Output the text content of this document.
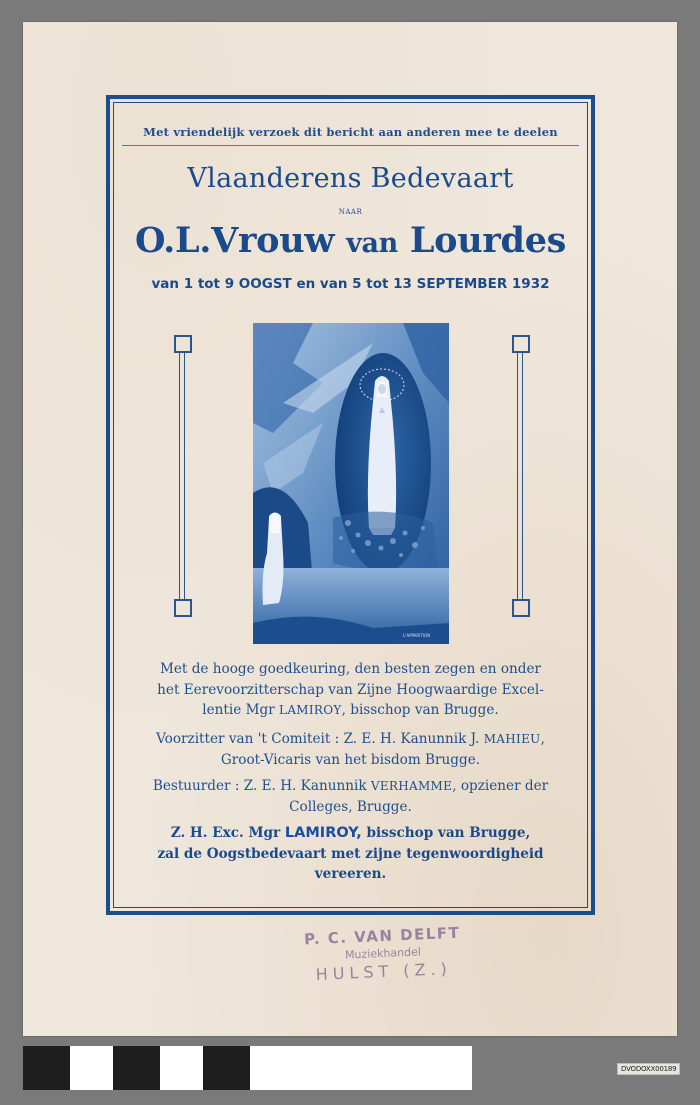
Met vriendelijk verzoek dit bericht aan anderen mee te deelen
Vlaanderens Bedevaart
NAAR
O.L.Vrouw van Lourdes
van 1 tot 9 OOGST en van 5 tot 13 SEPTEMBER 1932
L'APPARITION
Met de hooge goedkeuring, den besten zegen en onder
het Eerevoorzitterschap van Zijne Hoogwaardige Excel-
lentie Mgr LAMIROY, bisschop van Brugge.
Voorzitter van 't Comiteit : Z. E. H. Kanunnik J. MAHIEU,
Groot-Vicaris van het bisdom Brugge.
Bestuurder : Z. E. H. Kanunnik VERHAMME, opziener der
Colleges, Brugge.
Z. H. Exc. Mgr LAMIROY, bisschop van Brugge,
zal de Oogstbedevaart met zijne tegenwoordigheid
vereeren.
P. C. VAN DELFT
Muziekhandel
HULST (Z.)
DVODOXX00189
